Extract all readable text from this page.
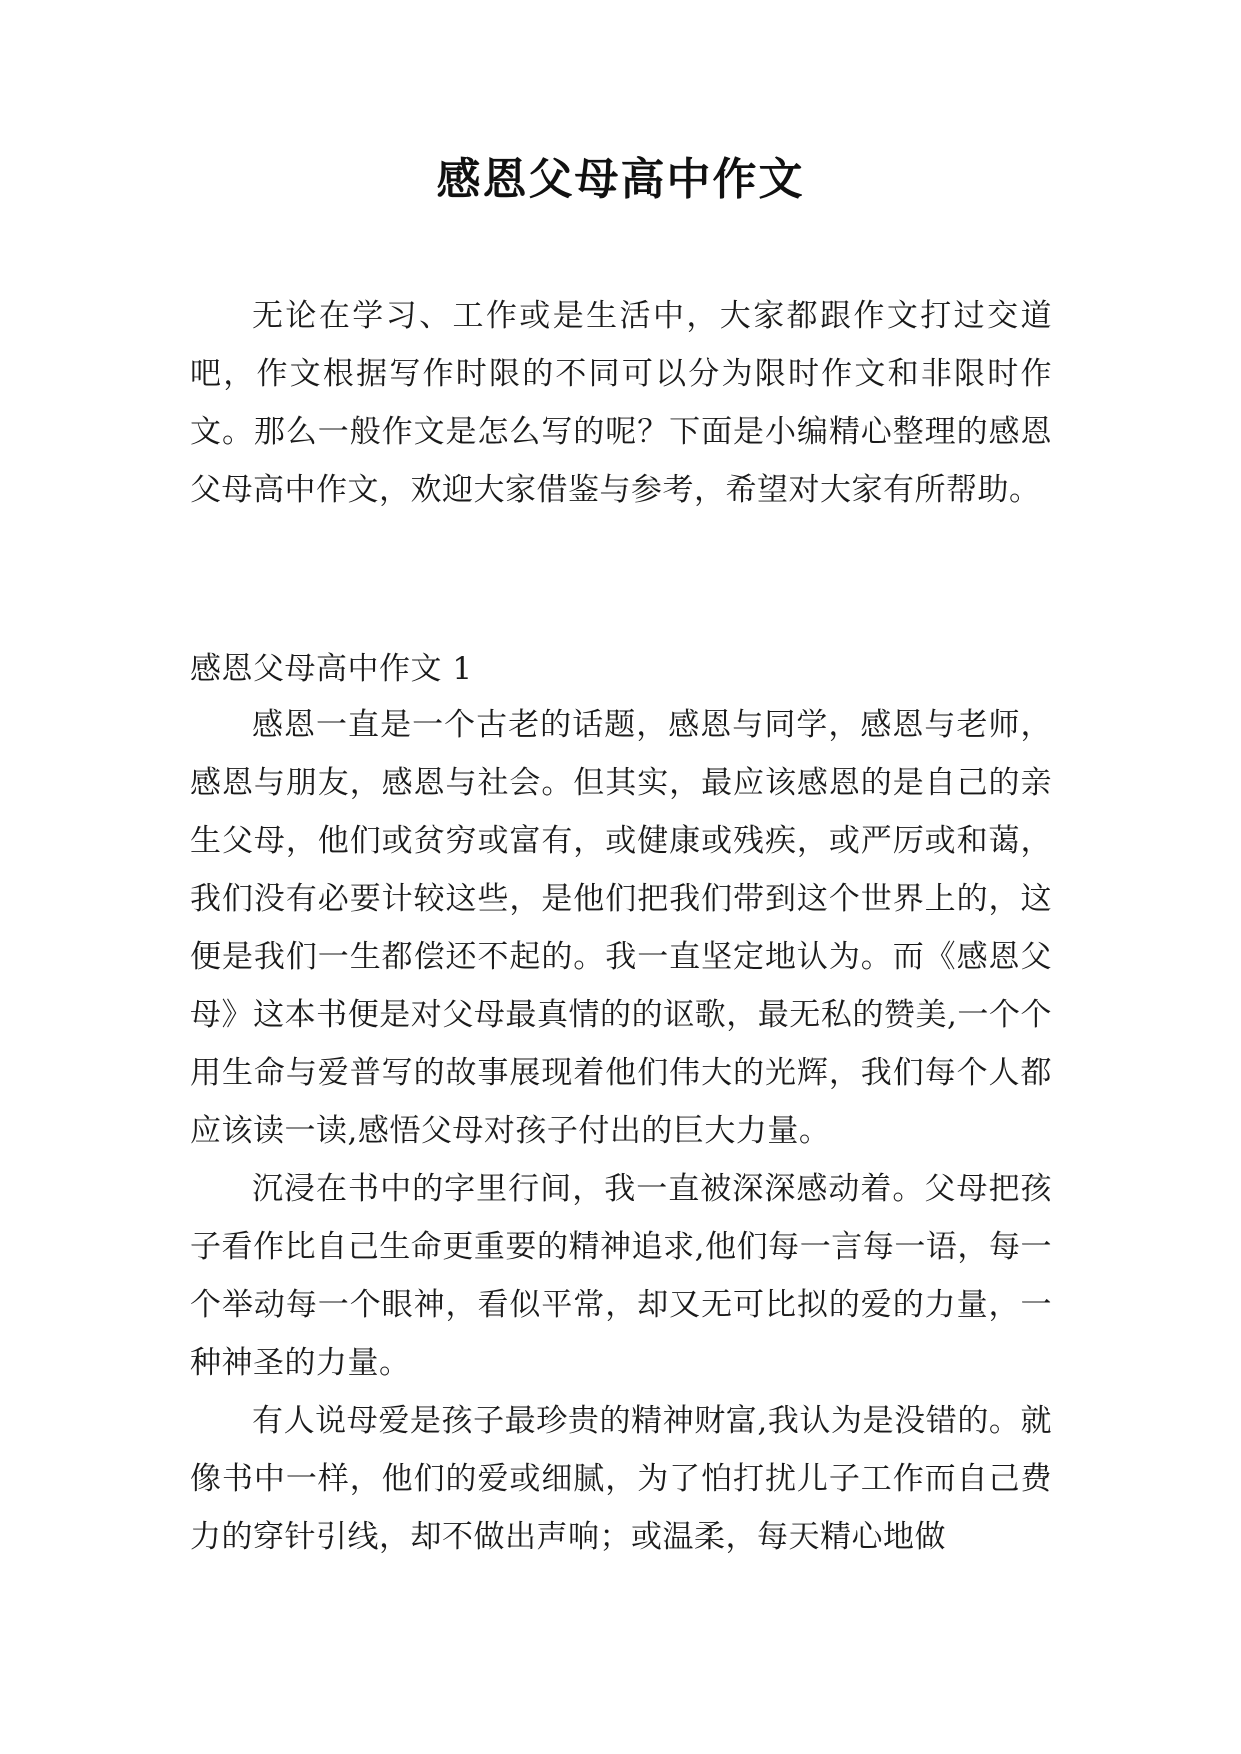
感恩父母高中作文

无论在学习、工作或是生活中，大家都跟作文打过交道吧，作文根据写作时限的不同可以分为限时作文和非限时作文。那么一般作文是怎么写的呢？下面是小编精心整理的感恩父母高中作文，欢迎大家借鉴与参考，希望对大家有所帮助。

感恩父母高中作文 1

感恩一直是一个古老的话题，感恩与同学，感恩与老师，感恩与朋友，感恩与社会。但其实，最应该感恩的是自己的亲生父母，他们或贫穷或富有，或健康或残疾，或严厉或和蔼，我们没有必要计较这些，是他们把我们带到这个世界上的，这便是我们一生都偿还不起的。我一直坚定地认为。而《感恩父母》这本书便是对父母最真情的的讴歌，最无私的赞美,一个个用生命与爱普写的故事展现着他们伟大的光辉，我们每个人都应该读一读,感悟父母对孩子付出的巨大力量。

沉浸在书中的字里行间，我一直被深深感动着。父母把孩子看作比自己生命更重要的精神追求,他们每一言每一语，每一个举动每一个眼神，看似平常，却又无可比拟的爱的力量，一种神圣的力量。

有人说母爱是孩子最珍贵的精神财富,我认为是没错的。就像书中一样，他们的爱或细腻，为了怕打扰儿子工作而自己费力的穿针引线，却不做出声响；或温柔，每天精心地做
